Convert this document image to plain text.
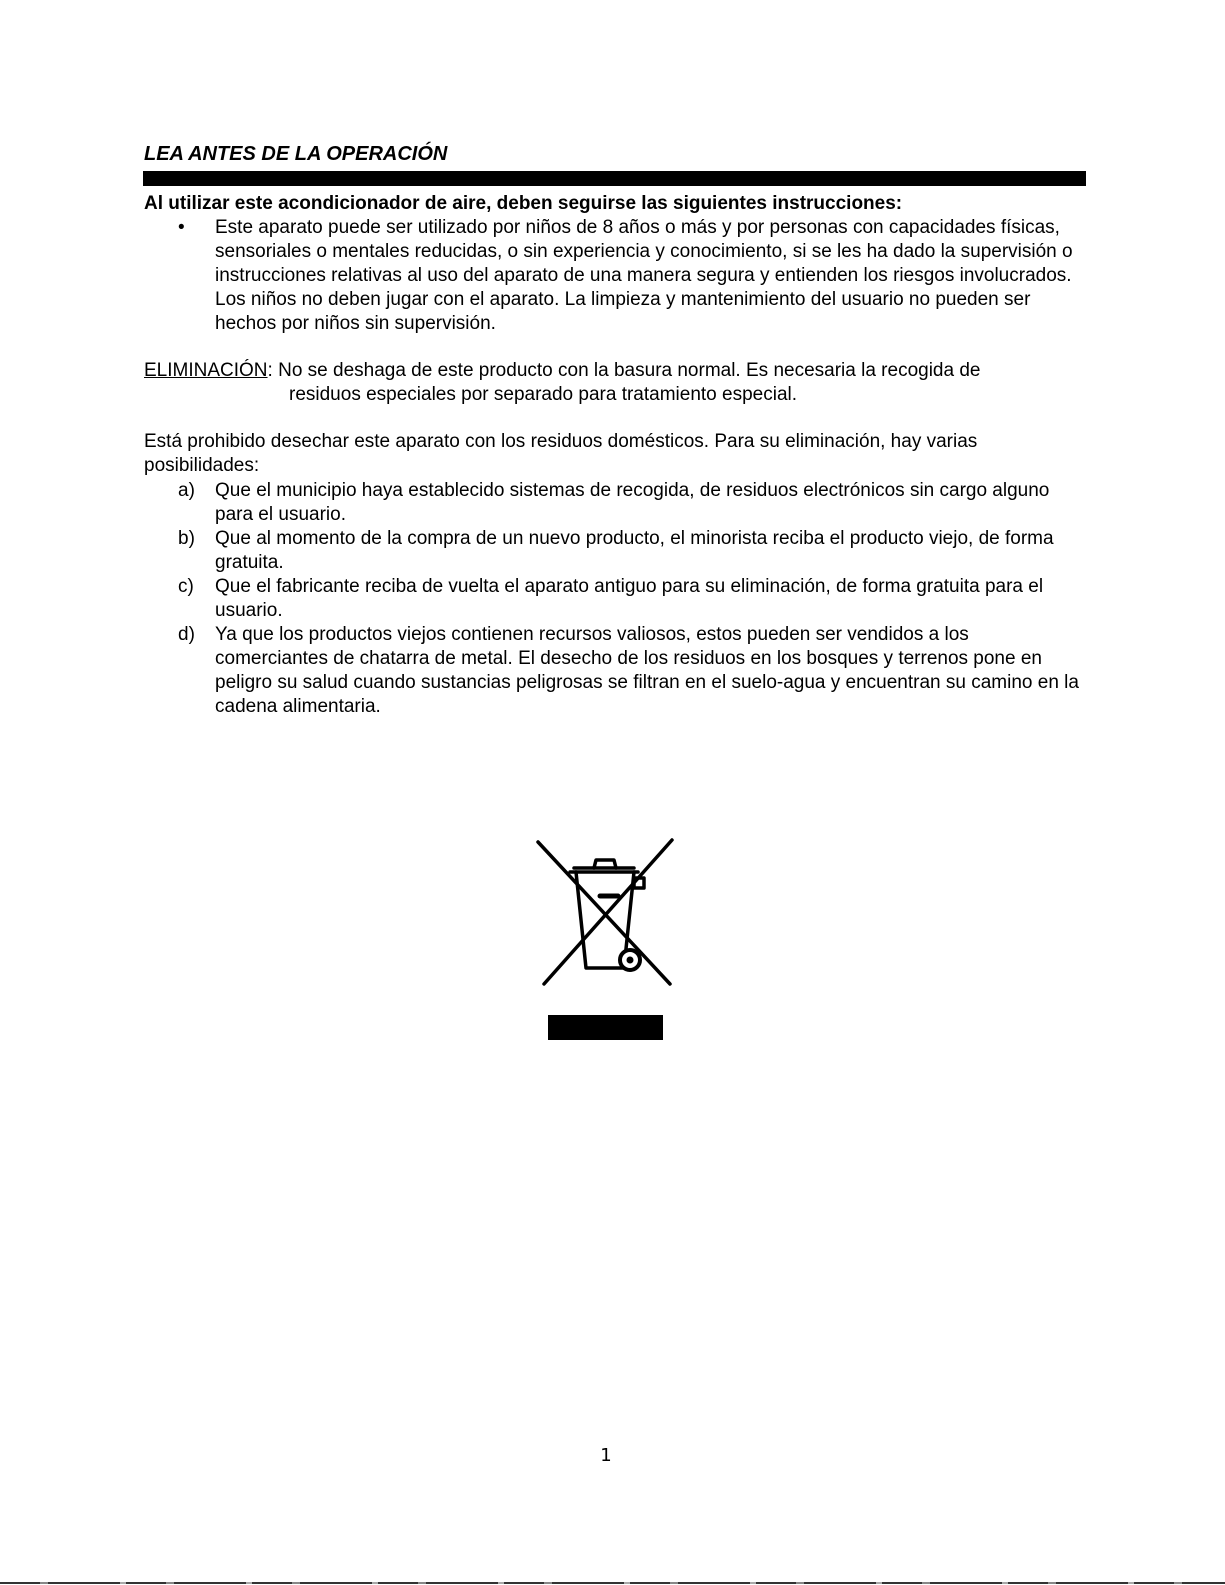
LEA ANTES DE LA OPERACIÓN

Al utilizar este acondicionador de aire, deben seguirse las siguientes instrucciones:

• Este aparato puede ser utilizado por niños de 8 años o más y por personas con capacidades físicas, sensoriales o mentales reducidas, o sin experiencia y conocimiento, si se les ha dado la supervisión o instrucciones relativas al uso del aparato de una manera segura y entienden los riesgos involucrados. Los niños no deben jugar con el aparato. La limpieza y mantenimiento del usuario no pueden ser hechos por niños sin supervisión.

ELIMINACIÓN: No se deshaga de este producto con la basura normal. Es necesaria la recogida de
residuos especiales por separado para tratamiento especial.

Está prohibido desechar este aparato con los residuos domésticos. Para su eliminación, hay varias posibilidades:

a) Que el municipio haya establecido sistemas de recogida, de residuos electrónicos sin cargo alguno para el usuario.
b) Que al momento de la compra de un nuevo producto, el minorista reciba el producto viejo, de forma gratuita.
c) Que el fabricante reciba de vuelta el aparato antiguo para su eliminación, de forma gratuita para el usuario.
d) Ya que los productos viejos contienen recursos valiosos, estos pueden ser vendidos a los comerciantes de chatarra de metal. El desecho de los residuos en los bosques y terrenos pone en peligro su salud cuando sustancias peligrosas se filtran en el suelo-agua y encuentran su camino en la cadena alimentaria.
1
